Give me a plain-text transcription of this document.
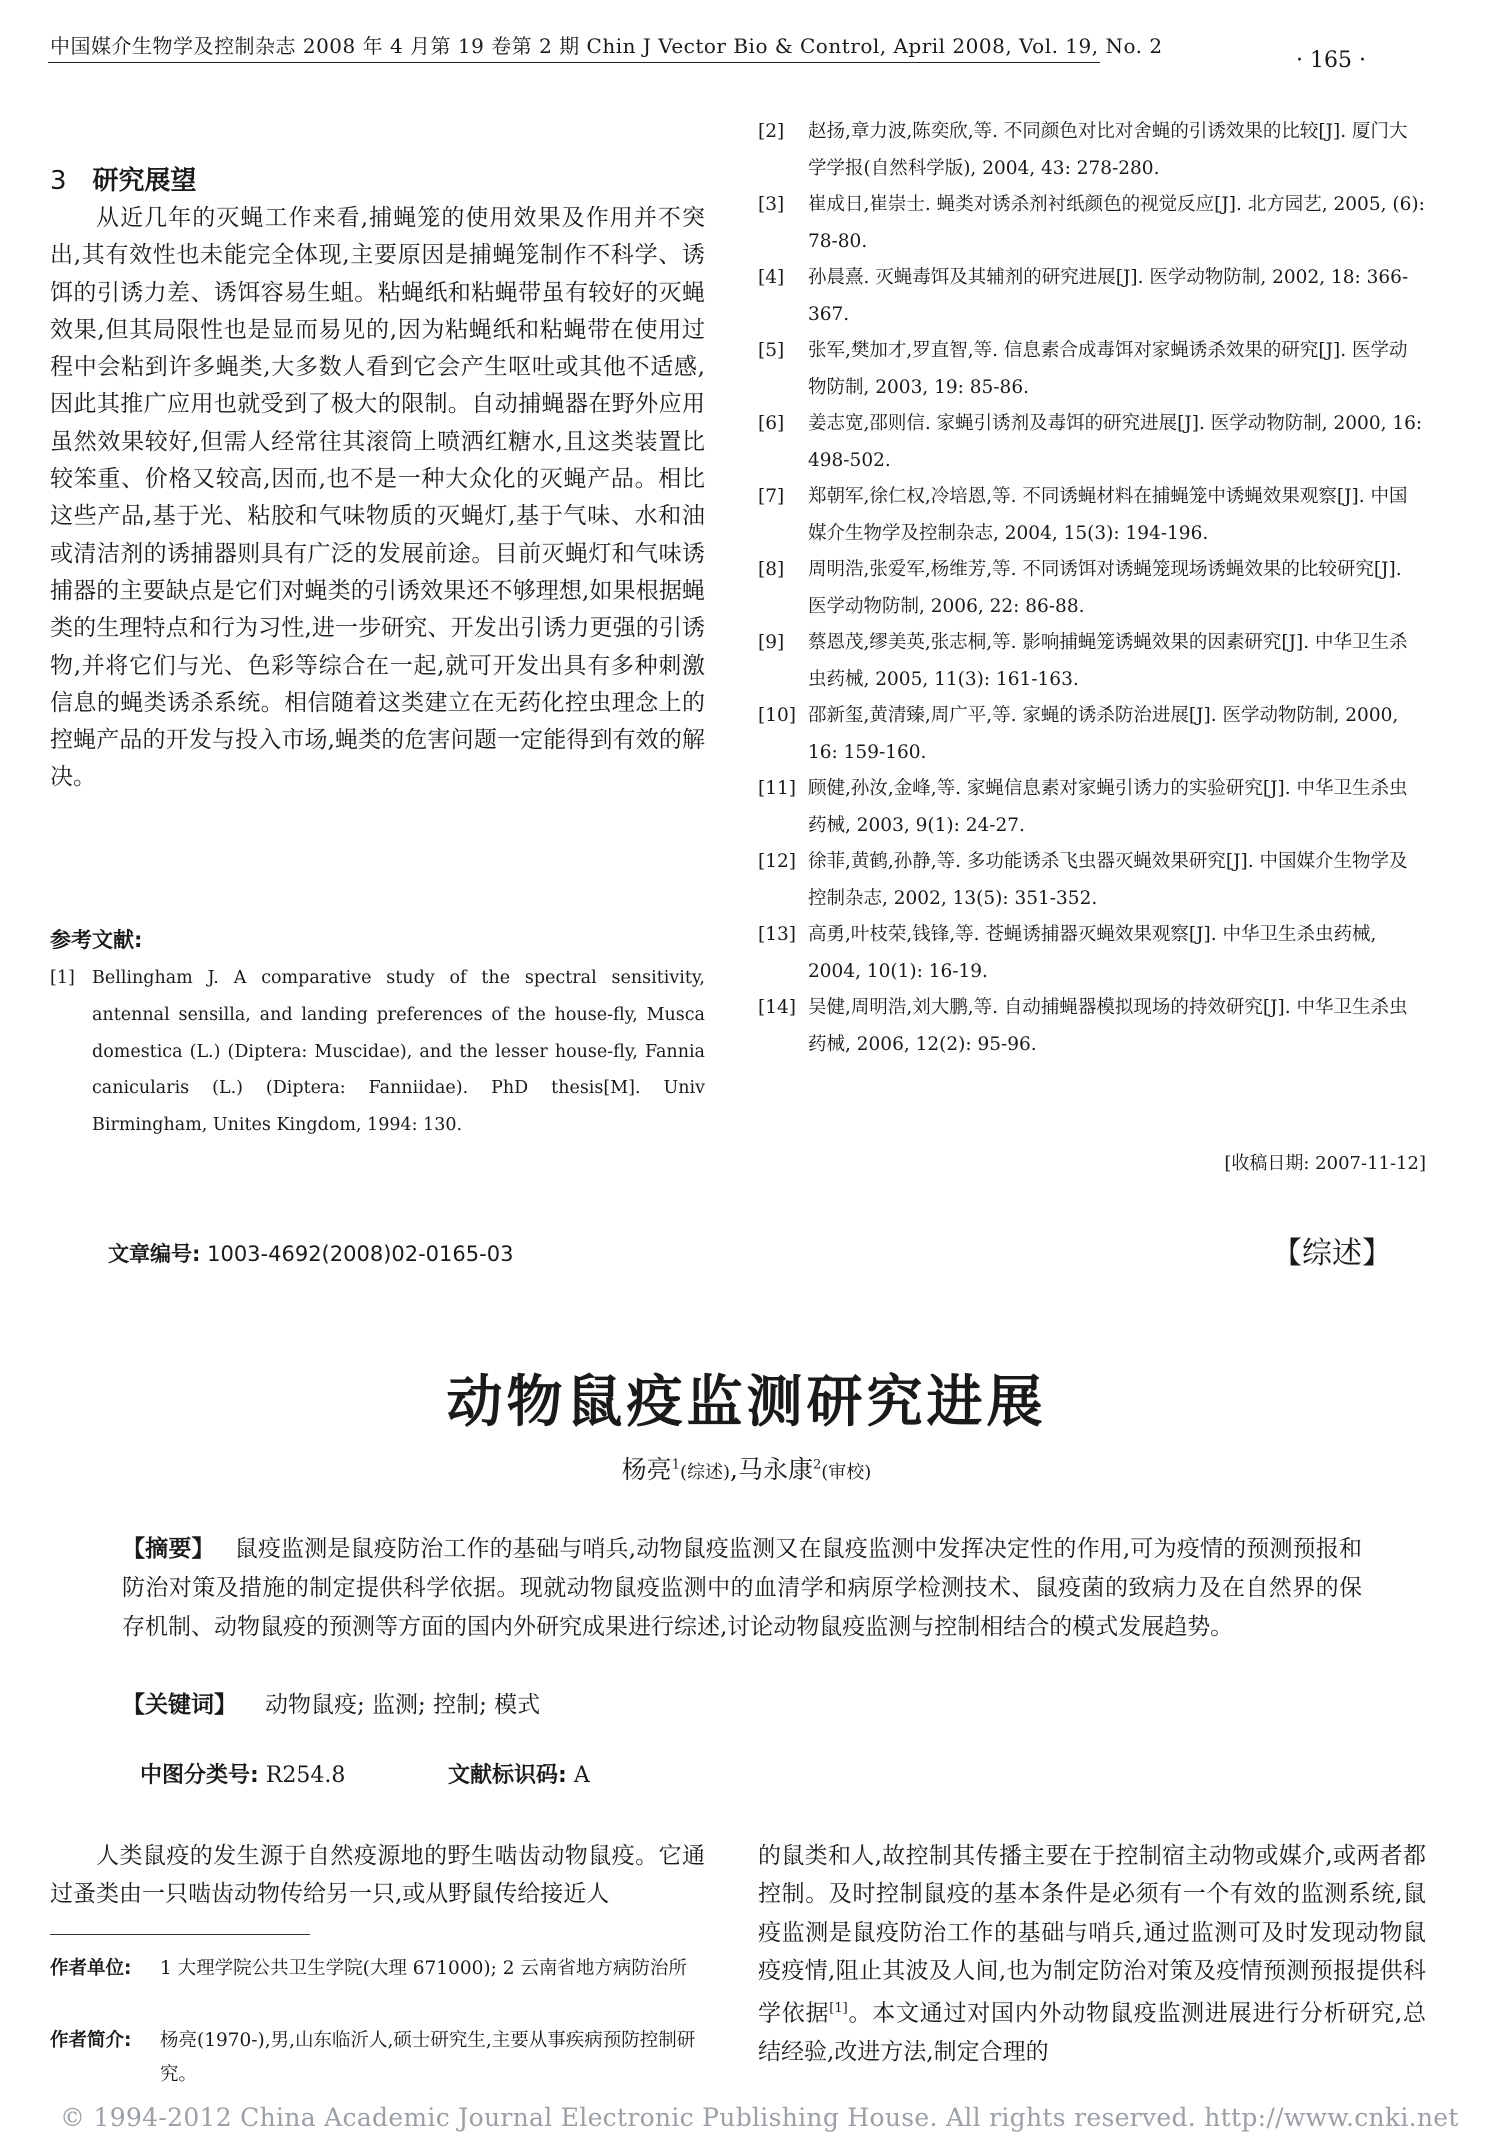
中国媒介生物学及控制杂志 2008 年 4 月第 19 卷第 2 期 Chin J Vector Bio & Control, April 2008, Vol. 19, No. 2
· 165 ·
3 研究展望

从近几年的灭蝇工作来看,捕蝇笼的使用效果及作用并不突出,其有效性也未能完全体现,主要原因是捕蝇笼制作不科学、诱饵的引诱力差、诱饵容易生蛆。粘蝇纸和粘蝇带虽有较好的灭蝇效果,但其局限性也是显而易见的,因为粘蝇纸和粘蝇带在使用过程中会粘到许多蝇类,大多数人看到它会产生呕吐或其他不适感,因此其推广应用也就受到了极大的限制。自动捕蝇器在野外应用虽然效果较好,但需人经常往其滚筒上喷洒红糖水,且这类装置比较笨重、价格又较高,因而,也不是一种大众化的灭蝇产品。相比这些产品,基于光、粘胶和气味物质的灭蝇灯,基于气味、水和油或清洁剂的诱捕器则具有广泛的发展前途。目前灭蝇灯和气味诱捕器的主要缺点是它们对蝇类的引诱效果还不够理想,如果根据蝇类的生理特点和行为习性,进一步研究、开发出引诱力更强的引诱物,并将它们与光、色彩等综合在一起,就可开发出具有多种刺激信息的蝇类诱杀系统。相信随着这类建立在无药化控虫理念上的控蝇产品的开发与投入市场,蝇类的危害问题一定能得到有效的解决。

参考文献:
[1] Bellingham J. A comparative study of the spectral sensitivity, antennal sensilla, and landing preferences of the house-fly, Musca domestica (L.) (Diptera: Muscidae), and the lesser house-fly, Fannia canicularis (L.) (Diptera: Fanniidae). PhD thesis[M]. Univ Birmingham, Unites Kingdom, 1994: 130.
[2]	赵扬,章力波,陈奕欣,等. 不同颜色对比对舍蝇的引诱效果的比较[J]. 厦门大学学报(自然科学版), 2004, 43: 278-280.
[3]	崔成日,崔崇士. 蝇类对诱杀剂衬纸颜色的视觉反应[J]. 北方园艺, 2005, (6): 78-80.
[4]	孙晨熹. 灭蝇毒饵及其辅剂的研究进展[J]. 医学动物防制, 2002, 18: 366-367.
[5]	张军,樊加才,罗直智,等. 信息素合成毒饵对家蝇诱杀效果的研究[J]. 医学动物防制, 2003, 19: 85-86.
[6]	姜志宽,邵则信. 家蝇引诱剂及毒饵的研究进展[J]. 医学动物防制, 2000, 16: 498-502.
[7]	郑朝军,徐仁权,冷培恩,等. 不同诱蝇材料在捕蝇笼中诱蝇效果观察[J]. 中国媒介生物学及控制杂志, 2004, 15(3): 194-196.
[8]	周明浩,张爱军,杨维芳,等. 不同诱饵对诱蝇笼现场诱蝇效果的比较研究[J]. 医学动物防制, 2006, 22: 86-88.
[9]	蔡恩茂,缪美英,张志桐,等. 影响捕蝇笼诱蝇效果的因素研究[J]. 中华卫生杀虫药械, 2005, 11(3): 161-163.
[10] 邵新玺,黄清臻,周广平,等. 家蝇的诱杀防治进展[J]. 医学动物防制, 2000, 16: 159-160.
[11] 顾健,孙汝,金峰,等. 家蝇信息素对家蝇引诱力的实验研究[J]. 中华卫生杀虫药械, 2003, 9(1): 24-27.
[12] 徐菲,黄鹤,孙静,等. 多功能诱杀飞虫器灭蝇效果研究[J]. 中国媒介生物学及控制杂志, 2002, 13(5): 351-352.
[13] 高勇,叶枝荣,钱锋,等. 苍蝇诱捕器灭蝇效果观察[J]. 中华卫生杀虫药械, 2004, 10(1): 16-19.
[14] 吴健,周明浩,刘大鹏,等. 自动捕蝇器模拟现场的持效研究[J]. 中华卫生杀虫药械, 2006, 12(2): 95-96.
[收稿日期: 2007-11-12]
文章编号: 1003-4692(2008)02-0165-03	【综述】
动物鼠疫监测研究进展
杨亮$^1$(综述),马永康$^2$(审校)
【摘要】 鼠疫监测是鼠疫防治工作的基础与哨兵,动物鼠疫监测又在鼠疫监测中发挥决定性的作用,可为疫情的预测预报和防治对策及措施的制定提供科学依据。现就动物鼠疫监测中的血清学和病原学检测技术、鼠疫菌的致病力及在自然界的保存机制、动物鼠疫的预测等方面的国内外研究成果进行综述,讨论动物鼠疫监测与控制相结合的模式发展趋势。
【关键词】 动物鼠疫; 监测; 控制; 模式
中图分类号: R254.8	文献标识码: A

人类鼠疫的发生源于自然疫源地的野生啮齿动物鼠疫。它通过蚤类由一只啮齿动物传给另一只,或从野鼠传给接近人

的鼠类和人,故控制其传播主要在于控制宿主动物或媒介,或两者都控制。及时控制鼠疫的基本条件是必须有一个有效的监测系统,鼠疫监测是鼠疫防治工作的基础与哨兵,通过监测可及时发现动物鼠疫疫情,阻止其波及人间,也为制定防治对策及疫情预测预报提供科学依据[1]。本文通过对国内外动物鼠疫监测进展进行分析研究,总结经验,改进方法,制定合理的
作者单位:	1 大理学院公共卫生学院(大理 671000); 2 云南省地方病防治所
作者简介:	杨亮(1970-),男,山东临沂人,硕士研究生,主要从事疾病预防控制研究。
© 1994-2012 China Academic Journal Electronic Publishing House. All rights reserved. http://www.cnki.net
